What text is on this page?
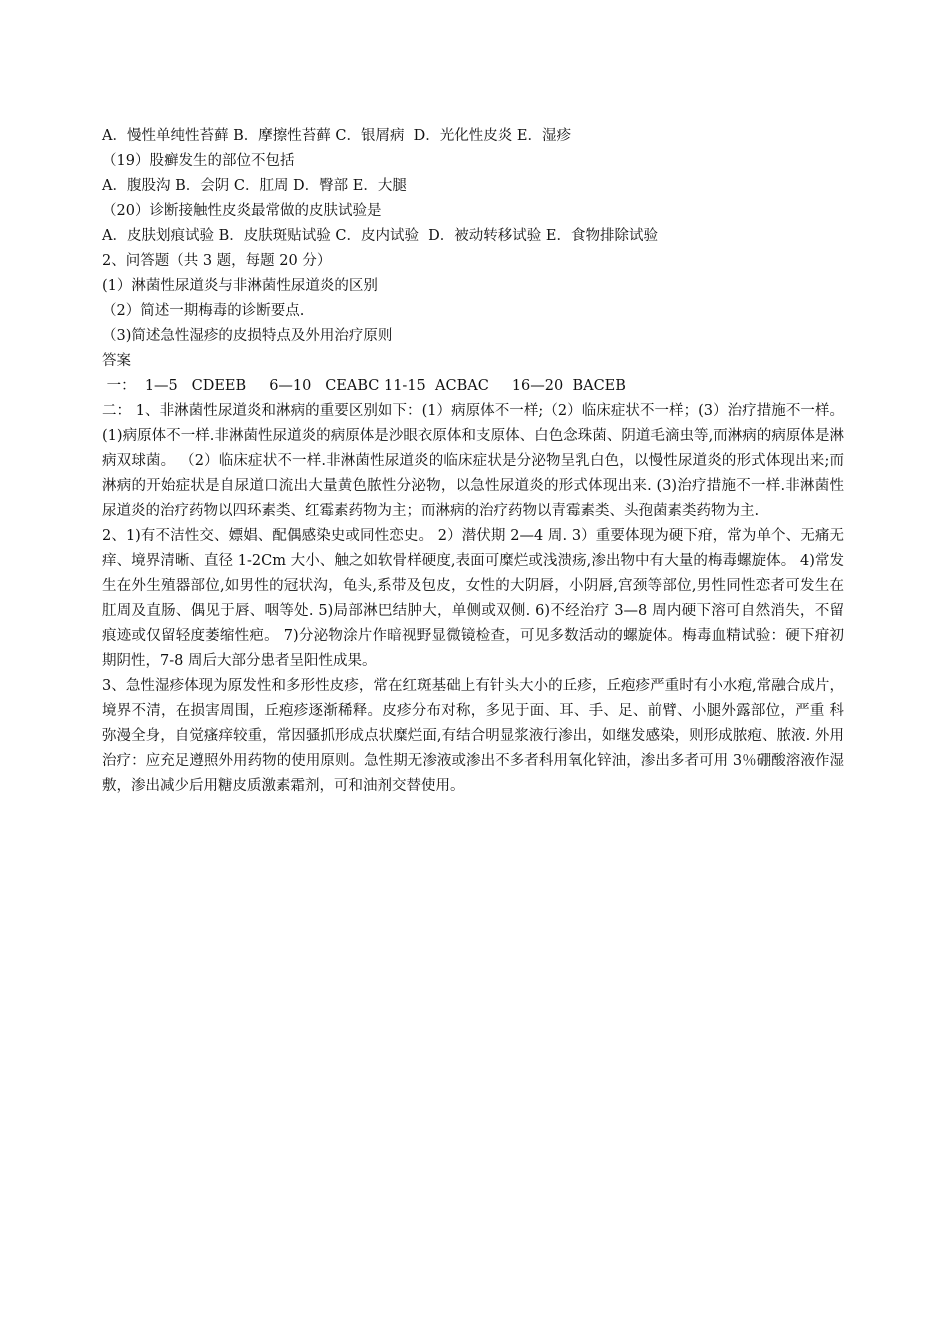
A．慢性单纯性苔藓 B．摩擦性苔藓 C．银屑病  D．光化性皮炎 E．湿疹
（19）股癣发生的部位不包括
A．腹股沟 B．会阴 C．肛周 D．臀部 E．大腿
（20）诊断接触性皮炎最常做的皮肤试验是
A．皮肤划痕试验 B．皮肤斑贴试验 C．皮内试验  D．被动转移试验 E．食物排除试验
2、问答题（共 3 题，每题 20 分）
(1）淋菌性尿道炎与非淋菌性尿道炎的区别
（2）简述一期梅毒的诊断要点.
（3)简述急性湿疹的皮损特点及外用治疗原则
答案
一：  1—5   CDEEB     6—10   CEABC 11-15  ACBAC     16—20  BACEB

二： 1、非淋菌性尿道炎和淋病的重要区别如下：(1）病原体不一样;（2）临床症状不一样；(3）治疗措施不一样。 (1)病原体不一样.非淋菌性尿道炎的病原体是沙眼衣原体和支原体、白色念珠菌、阴道毛滴虫等,而淋病的病原体是淋病双球菌。 （2）临床症状不一样.非淋菌性尿道炎的临床症状是分泌物呈乳白色，以慢性尿道炎的形式体现出来;而淋病的开始症状是自尿道口流出大量黄色脓性分泌物，以急性尿道炎的形式体现出来. (3)治疗措施不一样.非淋菌性尿道炎的治疗药物以四环素类、红霉素药物为主；而淋病的治疗药物以青霉素类、头孢菌素类药物为主.

2、1)有不洁性交、嫖娼、配偶感染史或同性恋史。 2）潜伏期 2—4 周. 3）重要体现为硬下疳，常为单个、无痛无痒、境界清晰、直径 1-2Cm 大小、触之如软骨样硬度,表面可糜烂或浅溃疡,渗出物中有大量的梅毒螺旋体。 4)常发生在外生殖器部位,如男性的冠状沟，龟头,系带及包皮，女性的大阴唇，小阴唇,宫颈等部位,男性同性恋者可发生在肛周及直肠、偶见于唇、咽等处. 5)局部淋巴结肿大，单侧或双侧. 6)不经治疗 3—8 周内硬下溶可自然消失，不留痕迹或仅留轻度萎缩性疤。 7)分泌物涂片作暗视野显微镜检查，可见多数活动的螺旋体。梅毒血精试验：硬下疳初期阴性，7-8 周后大部分患者呈阳性成果。

3、急性湿疹体现为原发性和多形性皮疹，常在红斑基础上有针头大小的丘疹，丘疱疹严重时有小水疱,常融合成片，境界不清，在损害周围，丘疱疹逐渐稀释。皮疹分布对称，多见于面、耳、手、足、前臂、小腿外露部位，严重 科弥漫全身，自觉瘙痒较重，常因骚抓形成点状糜烂面,有结合明显浆液行渗出，如继发感染，则形成脓疱、脓液. 外用治疗：应充足遵照外用药物的使用原则。急性期无渗液或渗出不多者科用氧化锌油，渗出多者可用 3％硼酸溶液作湿敷，渗出减少后用糖皮质激素霜剂，可和油剂交替使用。
